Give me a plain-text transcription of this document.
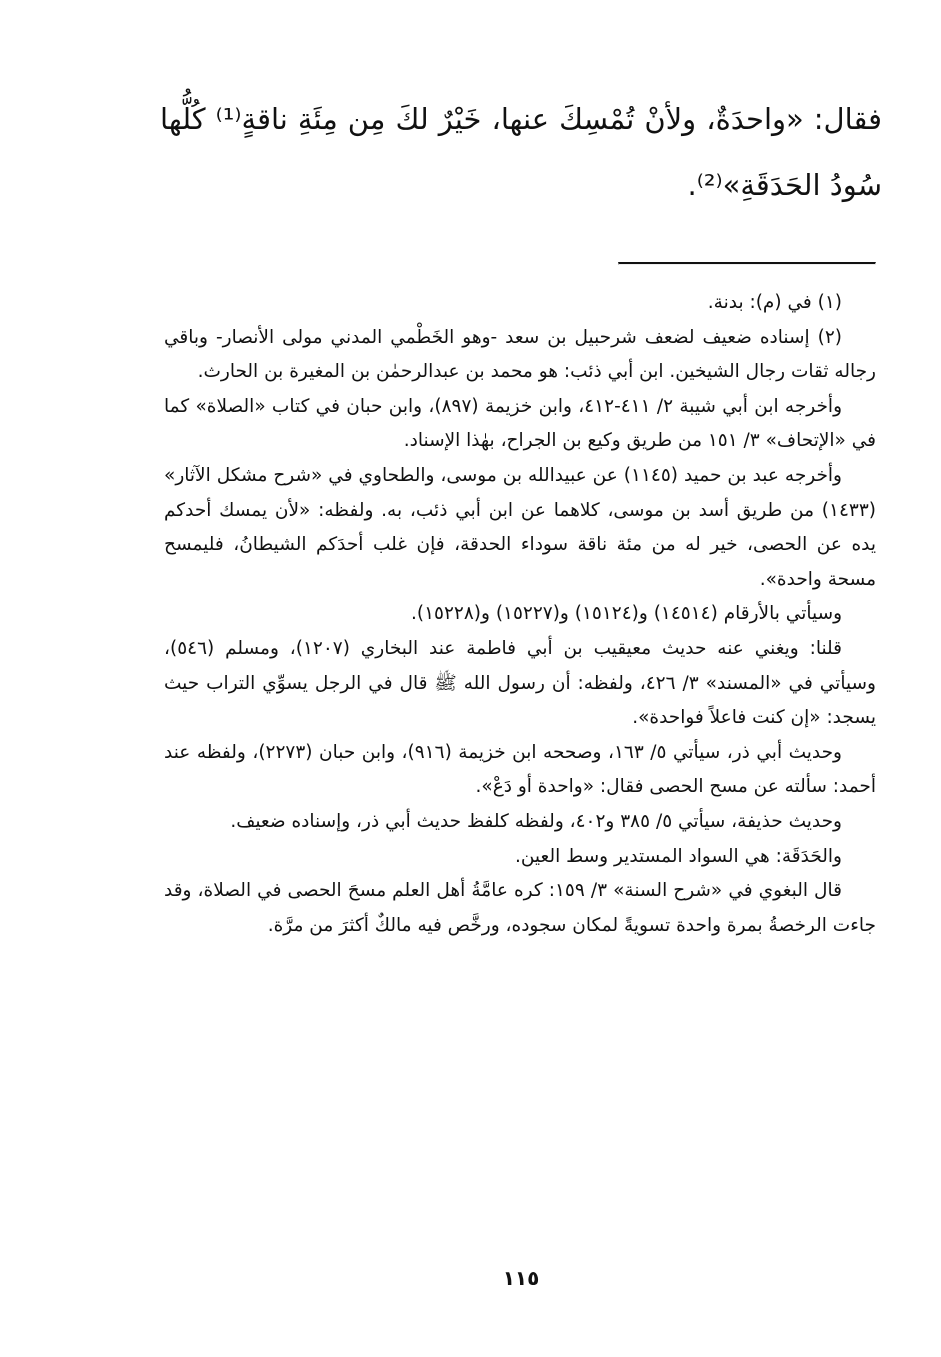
فقال: «واحدَةٌ، ولأنْ تُمْسِكَ عنها، خَيْرٌ لكَ مِن مِئَةِ ناقةٍ⁽¹⁾ كُلُّها سُودُ الحَدَقَةِ»⁽²⁾.

(١) في (م): بدنة.

(٢) إسناده ضعيف لضعف شرحبيل بن سعد -وهو الخَطْمي المدني مولى الأنصار- وباقي رجاله ثقات رجال الشيخين. ابن أبي ذئب: هو محمد بن عبدالرحمٰن بن المغيرة بن الحارث.

وأخرجه ابن أبي شيبة ٢/ ٤١١-٤١٢، وابن خزيمة (٨٩٧)، وابن حبان في كتاب «الصلاة» كما في «الإتحاف» ٣/ ١٥١ من طريق وكيع بن الجراح، بهٰذا الإسناد.

وأخرجه عبد بن حميد (١١٤٥) عن عبيدالله بن موسى، والطحاوي في «شرح مشكل الآثار» (١٤٣٣) من طريق أسد بن موسى، كلاهما عن ابن أبي ذئب، به. ولفظه: «لأن يمسك أحدكم يده عن الحصى، خير له من مئة ناقة سوداء الحدقة، فإن غلب أحدَكم الشيطانُ، فليمسح مسحة واحدة».

وسيأتي بالأرقام (١٤٥١٤) و(١٥١٢٤) و(١٥٢٢٧) و(١٥٢٢٨).

قلنا: ويغني عنه حديث معيقيب بن أبي فاطمة عند البخاري (١٢٠٧)، ومسلم (٥٤٦)، وسيأتي في «المسند» ٣/ ٤٢٦، ولفظه: أن رسول الله ﷺ قال في الرجل يسوِّي التراب حيث يسجد: «إن كنت فاعلاً فواحدة».

وحديث أبي ذر، سيأتي ٥/ ١٦٣، وصححه ابن خزيمة (٩١٦)، وابن حبان (٢٢٧٣)، ولفظه عند أحمد: سألته عن مسح الحصى فقال: «واحدة أو دَعْ».

وحديث حذيفة، سيأتي ٥/ ٣٨٥ و٤٠٢، ولفظه كلفظ حديث أبي ذر، وإسناده ضعيف.

والحَدَقَة: هي السواد المستدير وسط العين.

قال البغوي في «شرح السنة» ٣/ ١٥٩: كره عامَّةُ أهل العلم مسحَ الحصى في الصلاة، وقد جاءت الرخصةُ بمرة واحدة تسويةً لمكان سجوده، ورخَّص فيه مالكٌ أكثرَ من مرَّة.

١١٥
